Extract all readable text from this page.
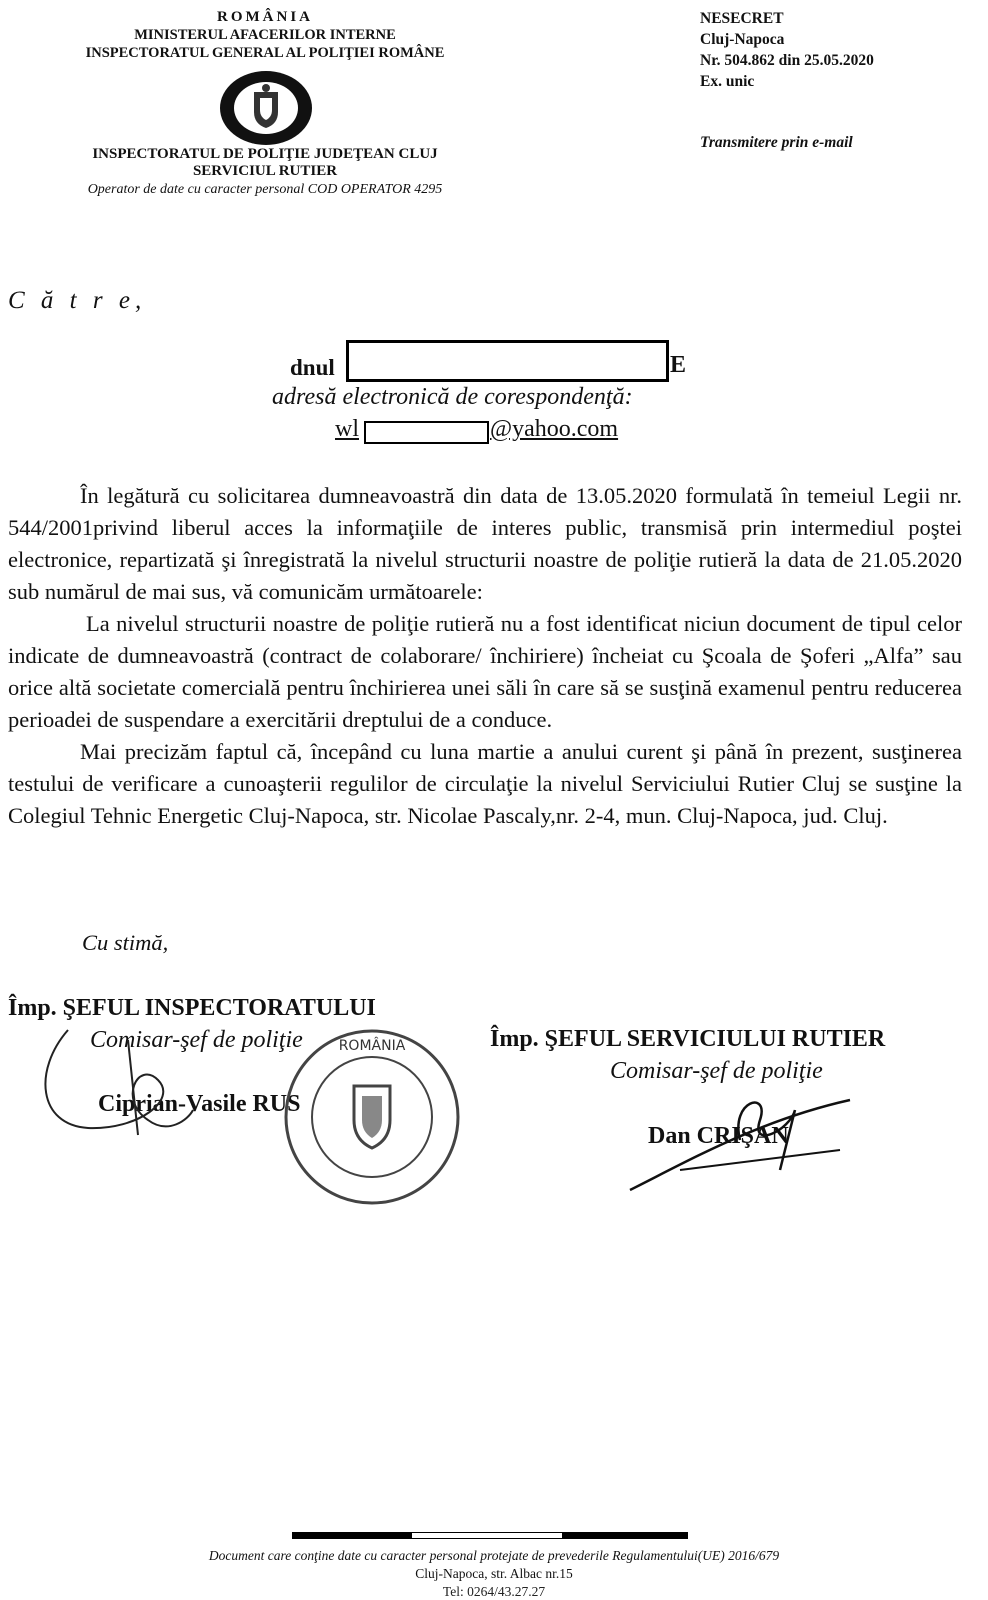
ROMÂNIA
MINISTERUL AFACERILOR INTERNE
INSPECTORATUL GENERAL AL POLIŢIEI ROMÂNE
INSPECTORATUL DE POLIŢIE JUDEŢEAN CLUJ
SERVICIUL RUTIER
Operator de date cu caracter personal COD OPERATOR 4295
NESECRET
Cluj-Napoca
Nr. 504.862 din 25.05.2020
Ex. unic
Transmitere prin e-mail
C ă t r e,
dnul	E
adresă electronică de corespondenţă:
wl	@yahoo.com

În legătură cu solicitarea dumneavoastră din data de 13.05.2020 formulată în temeiul Legii nr. 544/2001privind liberul acces la informaţiile de interes public, transmisă prin intermediul poştei electronice, repartizată şi înregistrată la nivelul structurii noastre de poliţie rutieră la data de 21.05.2020 sub numărul de mai sus, vă comunicăm următoarele:

La nivelul structurii noastre de poliţie rutieră nu a fost identificat niciun document de tipul celor indicate de dumneavoastră (contract de colaborare/ închiriere) încheiat cu Şcoala de Şoferi „Alfa” sau orice altă societate comercială pentru închirierea unei săli în care să se susţină examenul pentru reducerea perioadei de suspendare a exercitării dreptului de a conduce.

Mai precizăm faptul că, începând cu luna martie a anului curent şi până în prezent, susţinerea testului de verificare a cunoaşterii regulilor de circulaţie la nivelul Serviciului Rutier Cluj se susţine la Colegiul Tehnic Energetic Cluj-Napoca, str. Nicolae Pascaly,nr. 2-4, mun. Cluj-Napoca, jud. Cluj.

Cu stimă,
Împ. ŞEFUL INSPECTORATULUI
Comisar-şef de poliţie
Ciprian-Vasile RUS
Împ. ŞEFUL SERVICIULUI RUTIER
Comisar-şef de poliţie
Dan CRIŞAN
ROMÂNIA
Document care conţine date cu caracter personal protejate de prevederile Regulamentului(UE) 2016/679
Cluj-Napoca, str. Albac nr.15
Tel: 0264/43.27.27
